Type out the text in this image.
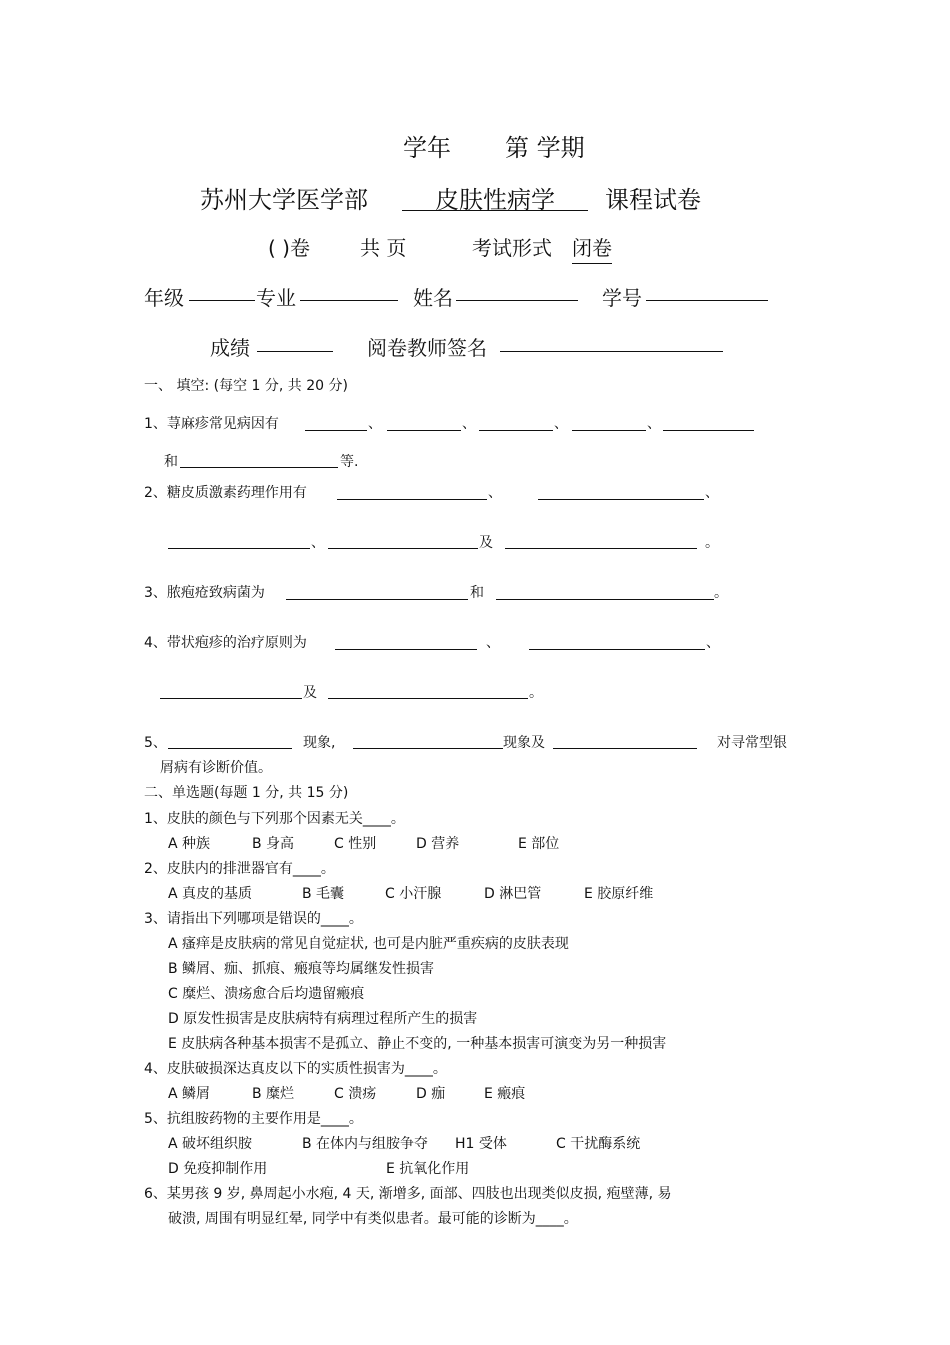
学年 第 学期
苏州大学医学部	皮肤性病学	课程试卷
( )卷	共 页	考试形式 闭卷
年级	专业	姓名	学号
成绩	阅卷教师签名
一、 填空: (每空 1 分, 共 20 分)
1、荨麻疹常见病因有	、	、	、	、
和	等.
2、糖皮质激素药理作用有	、	、
、	及	。
3、脓疱疮致病菌为	和	。
4、带状疱疹的治疗原则为	、	、
及	。
5、	现象,	现象及	对寻常型银
屑病有诊断价值。
二、单选题(每题 1 分, 共 15 分)
1、皮肤的颜色与下列那个因素无关____。
A 种族	B 身高	C 性别	D 营养	E 部位
2、皮肤内的排泄器官有____。
A 真皮的基质	B 毛囊	C 小汗腺	D 淋巴管	E 胶原纤维
3、请指出下列哪项是错误的____。
A 瘙痒是皮肤病的常见自觉症状, 也可是内脏严重疾病的皮肤表现
B 鳞屑、痂、抓痕、瘢痕等均属继发性损害
C 糜烂、溃疡愈合后均遗留瘢痕
D 原发性损害是皮肤病特有病理过程所产生的损害
E 皮肤病各种基本损害不是孤立、静止不变的, 一种基本损害可演变为另一种损害
4、皮肤破损深达真皮以下的实质性损害为____。
A 鳞屑	B 糜烂	C 溃疡	D 痂	E 瘢痕
5、抗组胺药物的主要作用是____。
A 破坏组织胺	B 在体内与组胺争夺 H1 受体	C 干扰酶系统
D 免疫抑制作用	E 抗氧化作用
6、某男孩 9 岁, 鼻周起小水疱, 4 天, 渐增多, 面部、四肢也出现类似皮损, 疱壁薄, 易
破溃, 周围有明显红晕, 同学中有类似患者。最可能的诊断为____。
